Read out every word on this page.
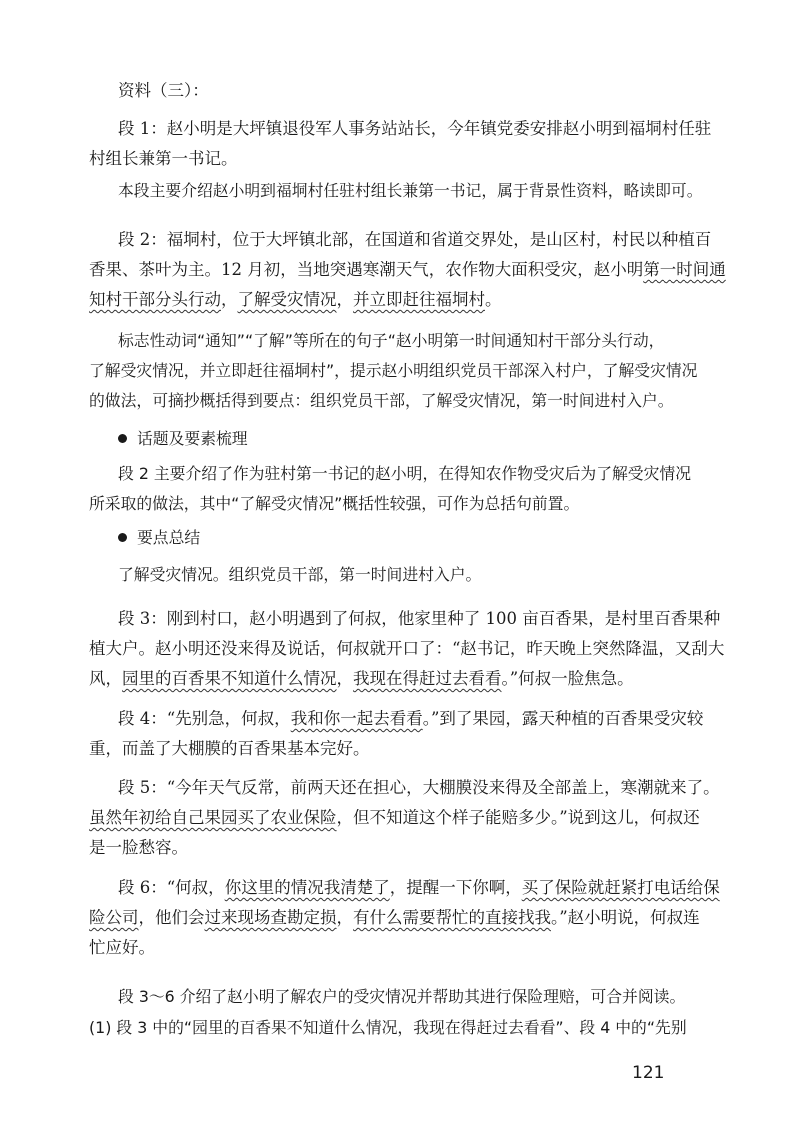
资料（三）：

段 1：赵小明是大坪镇退役军人事务站站长，今年镇党委安排赵小明到福垌村任驻
村组长兼第一书记。

本段主要介绍赵小明到福垌村任驻村组长兼第一书记，属于背景性资料，略读即可。

段 2：福垌村，位于大坪镇北部，在国道和省道交界处，是山区村，村民以种植百
香果、茶叶为主。12 月初，当地突遇寒潮天气，农作物大面积受灾，赵小明第一时间通
知村干部分头行动，了解受灾情况，并立即赶往福垌村。

标志性动词“通知”“了解”等所在的句子“赵小明第一时间通知村干部分头行动，
了解受灾情况，并立即赶往福垌村”，提示赵小明组织党员干部深入村户，了解受灾情况
的做法，可摘抄概括得到要点：组织党员干部，了解受灾情况，第一时间进村入户。

话题及要素梳理

段 2 主要介绍了作为驻村第一书记的赵小明，在得知农作物受灾后为了解受灾情况
所采取的做法，其中“了解受灾情况”概括性较强，可作为总括句前置。

要点总结

了解受灾情况。组织党员干部，第一时间进村入户。

段 3：刚到村口，赵小明遇到了何叔，他家里种了 100 亩百香果，是村里百香果种
植大户。赵小明还没来得及说话，何叔就开口了：“赵书记，昨天晚上突然降温，又刮大
风，园里的百香果不知道什么情况，我现在得赶过去看看。”何叔一脸焦急。

段 4：“先别急，何叔，我和你一起去看看。”到了果园，露天种植的百香果受灾较
重，而盖了大棚膜的百香果基本完好。

段 5：“今年天气反常，前两天还在担心，大棚膜没来得及全部盖上，寒潮就来了。
虽然年初给自己果园买了农业保险，但不知道这个样子能赔多少。”说到这儿，何叔还
是一脸愁容。

段 6：“何叔，你这里的情况我清楚了，提醒一下你啊，买了保险就赶紧打电话给保
险公司，他们会过来现场查勘定损，有什么需要帮忙的直接找我。”赵小明说，何叔连
忙应好。

段 3～6 介绍了赵小明了解农户的受灾情况并帮助其进行保险理赔，可合并阅读。

(1) 段 3 中的“园里的百香果不知道什么情况，我现在得赶过去看看”、段 4 中的“先别

121
